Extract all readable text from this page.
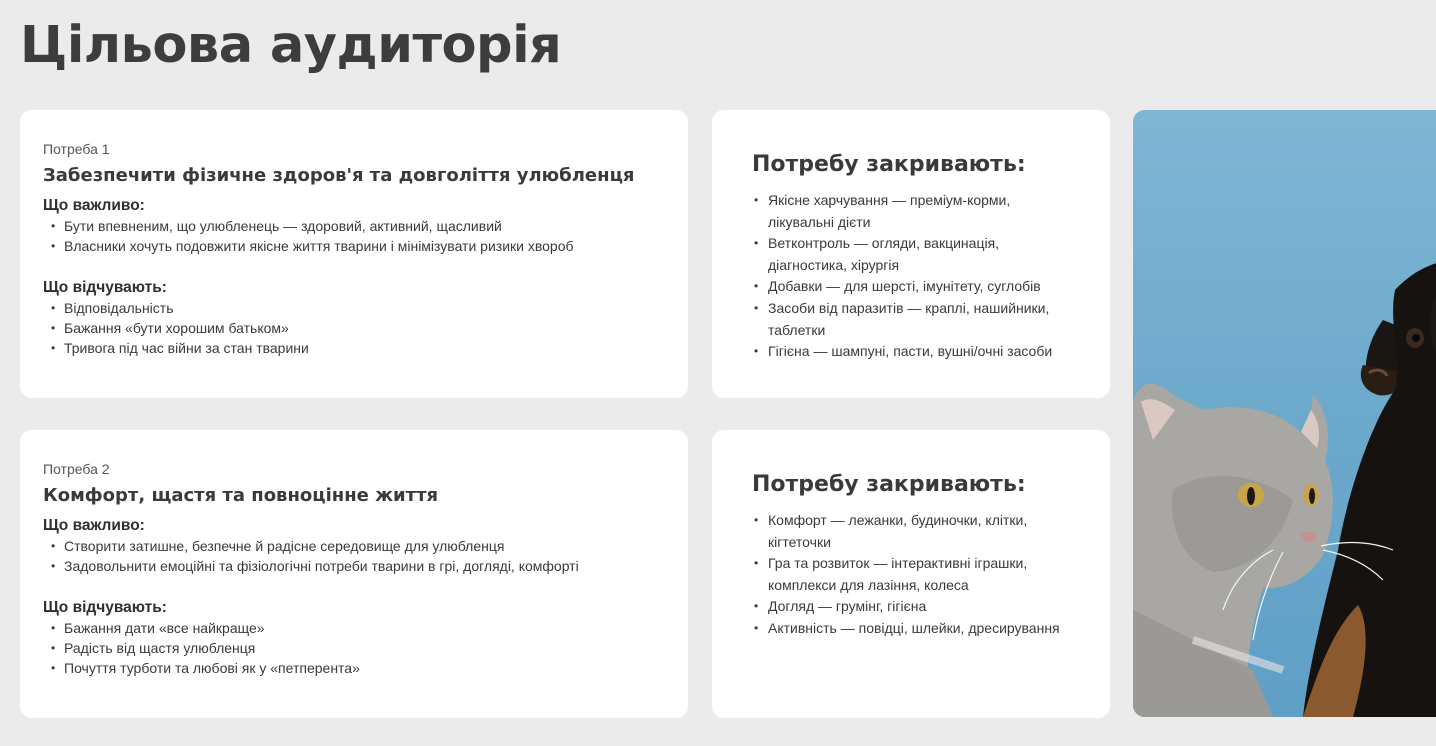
Цільова аудиторія
Потреба 1
Забезпечити фізичне здоров'я та довголіття улюбленця
Що важливо:
• Бути впевненим, що улюбленець — здоровий, активний, щасливий
• Власники хочуть подовжити якісне життя тварини і мінімізувати ризики хвороб
Що відчувають:
• Відповідальність
• Бажання «бути хорошим батьком»
• Тривога під час війни за стан тварини
Потребу закривають:
• Якісне харчування — преміум-корми, лікувальні дієти
• Ветконтроль — огляди, вакцинація, діагностика, хірургія
• Добавки — для шерсті, імунітету, суглобів
• Засоби від паразитів — краплі, нашийники, таблетки
• Гігієна — шампуні, пасти, вушні/очні засоби
Потреба 2
Комфорт, щастя та повноцінне життя
Що важливо:
• Створити затишне, безпечне й радісне середовище для улюбленця
• Задовольнити емоційні та фізіологічні потреби тварини в грі, догляді, комфорті
Що відчувають:
• Бажання дати «все найкраще»
• Радість від щастя улюбленця
• Почуття турботи та любові як у «петперента»
Потребу закривають:
• Комфорт — лежанки, будиночки, клітки, кігтеточки
• Гра та розвиток — інтерактивні іграшки, комплекси для лазіння, колеса
• Догляд — грумінг, гігієна
• Активність — повідці, шлейки, дресирування
